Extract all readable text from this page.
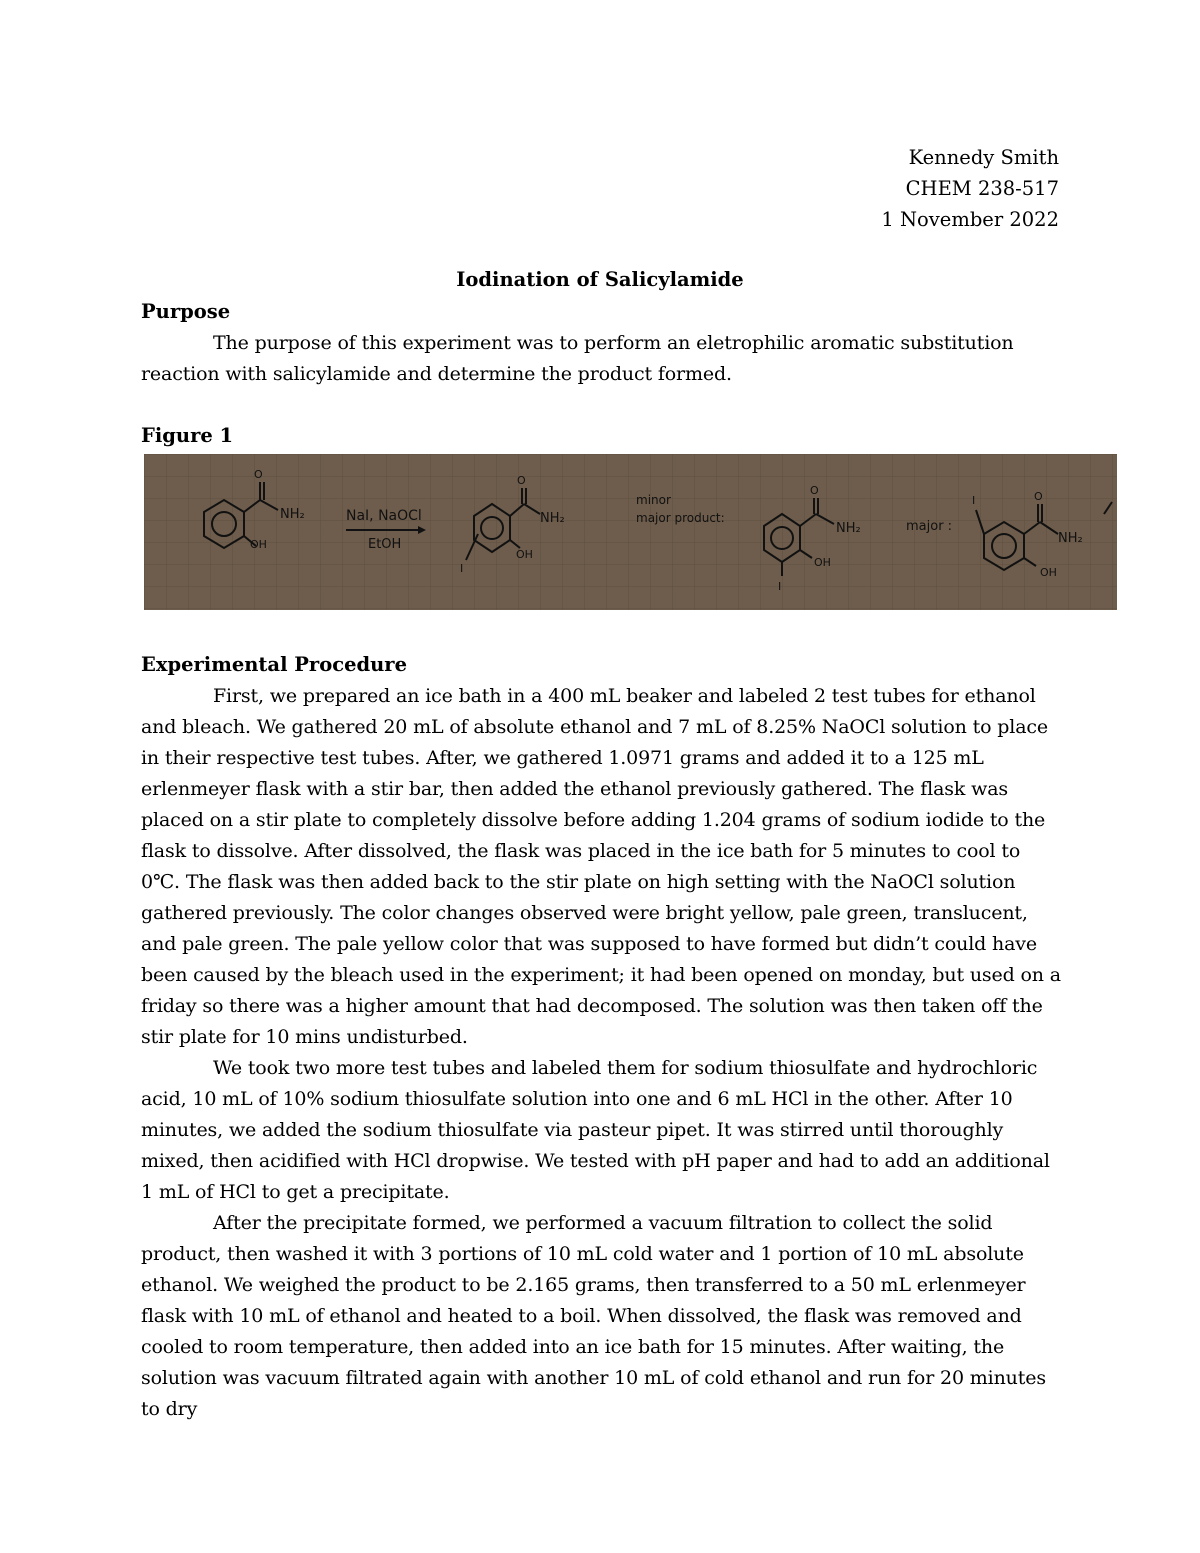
Kennedy Smith
CHEM 238-517
1 November 2022
Iodination of Salicylamide
Purpose

The purpose of this experiment was to perform an eletrophilic aromatic substitution reaction with salicylamide and determine the product formed.

Figure 1
O
NH₂
OH
NaI, NaOCl
EtOH
O
NH₂
OH
I
minor
major product:
O
NH₂
OH
I
major :
O
NH₂
OH
I
Experimental Procedure

First, we prepared an ice bath in a 400 mL beaker and labeled 2 test tubes for ethanol and bleach. We gathered 20 mL of absolute ethanol and 7 mL of 8.25% NaOCl solution to place in their respective test tubes. After, we gathered 1.0971 grams and added it to a 125 mL erlenmeyer flask with a stir bar, then added the ethanol previously gathered. The flask was placed on a stir plate to completely dissolve before adding 1.204 grams of sodium iodide to the flask to dissolve. After dissolved, the flask was placed in the ice bath for 5 minutes to cool to 0℃. The flask was then added back to the stir plate on high setting with the NaOCl solution gathered previously. The color changes observed were bright yellow, pale green, translucent, and pale green. The pale yellow color that was supposed to have formed but didn’t could have been caused by the bleach used in the experiment; it had been opened on monday, but used on a friday so there was a higher amount that had decomposed. The solution was then taken off the stir plate for 10 mins undisturbed.

We took two more test tubes and labeled them for sodium thiosulfate and hydrochloric acid, 10 mL of 10% sodium thiosulfate solution into one and 6 mL HCl in the other. After 10 minutes, we added the sodium thiosulfate via pasteur pipet. It was stirred until thoroughly mixed, then acidified with HCl dropwise. We tested with pH paper and had to add an additional 1 mL of HCl to get a precipitate.

After the precipitate formed, we performed a vacuum filtration to collect the solid product, then washed it with 3 portions of 10 mL cold water and 1 portion of 10 mL absolute ethanol. We weighed the product to be 2.165 grams, then transferred to a 50 mL erlenmeyer flask with 10 mL of ethanol and heated to a boil. When dissolved, the flask was removed and cooled to room temperature, then added into an ice bath for 15 minutes. After waiting, the solution was vacuum filtrated again with another 10 mL of cold ethanol and run for 20 minutes to dry
